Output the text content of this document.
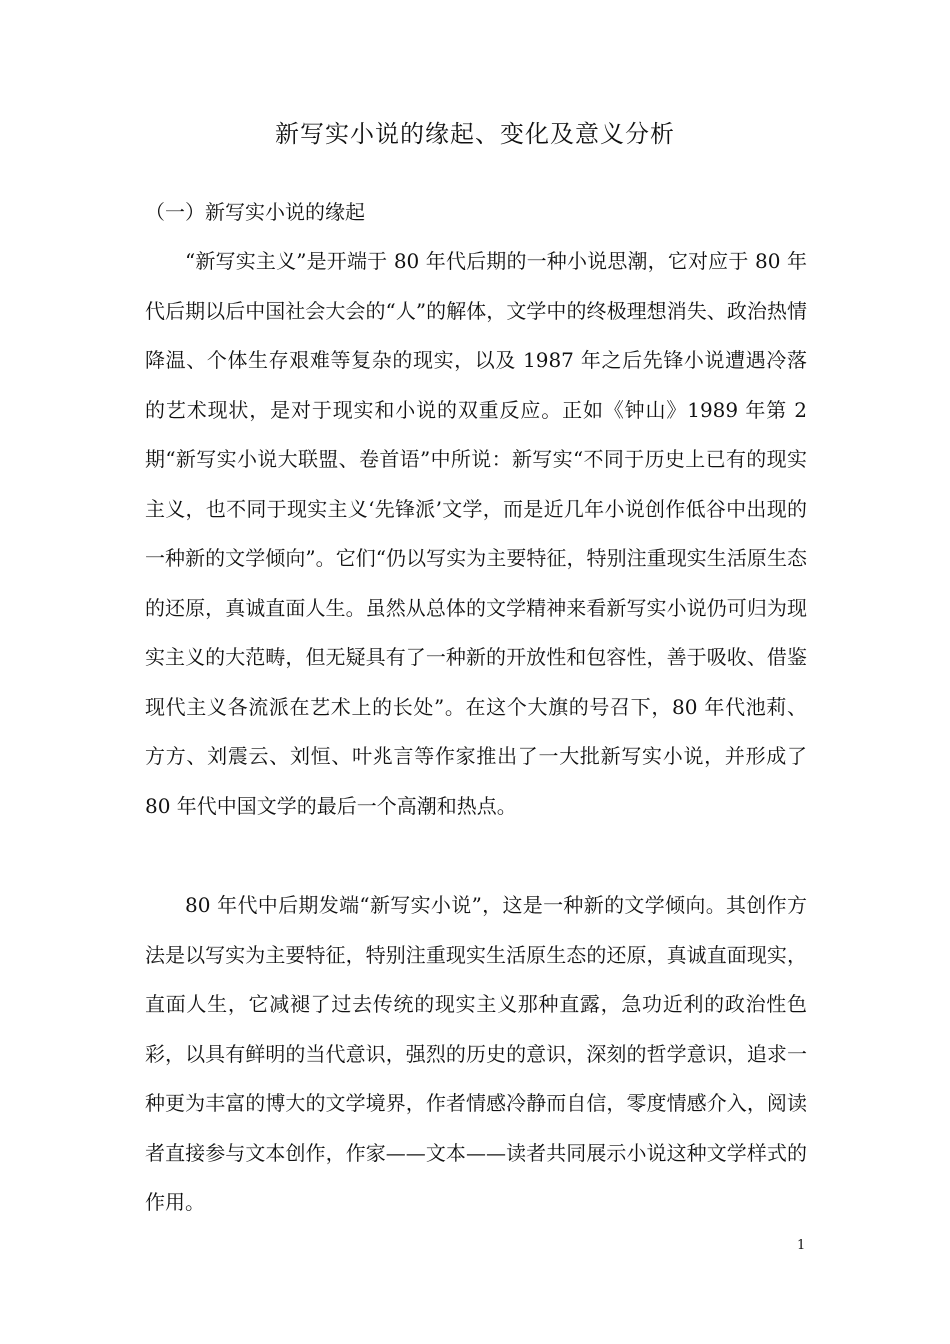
新写实小说的缘起、变化及意义分析
（一）新写实小说的缘起

“新写实主义”是开端于 80 年代后期的一种小说思潮，它对应于 80 年代后期以后中国社会大会的“人”的解体，文学中的终极理想消失、政治热情降温、个体生存艰难等复杂的现实，以及 1987 年之后先锋小说遭遇冷落的艺术现状，是对于现实和小说的双重反应。正如《钟山》1989 年第 2 期“新写实小说大联盟、卷首语”中所说：新写实“不同于历史上已有的现实主义，也不同于现实主义‘先锋派’文学，而是近几年小说创作低谷中出现的一种新的文学倾向”。它们“仍以写实为主要特征，特别注重现实生活原生态的还原，真诚直面人生。虽然从总体的文学精神来看新写实小说仍可归为现实主义的大范畴，但无疑具有了一种新的开放性和包容性，善于吸收、借鉴现代主义各流派在艺术上的长处”。在这个大旗的号召下，80 年代池莉、方方、刘震云、刘恒、叶兆言等作家推出了一大批新写实小说，并形成了 80 年代中国文学的最后一个高潮和热点。

80 年代中后期发端“新写实小说”，这是一种新的文学倾向。其创作方法是以写实为主要特征，特别注重现实生活原生态的还原，真诚直面现实，直面人生，它减褪了过去传统的现实主义那种直露，急功近利的政治性色彩，以具有鲜明的当代意识，强烈的历史的意识，深刻的哲学意识，追求一种更为丰富的博大的文学境界，作者情感冷静而自信，零度情感介入，阅读者直接参与文本创作，作家——文本——读者共同展示小说这种文学样式的作用。

1
